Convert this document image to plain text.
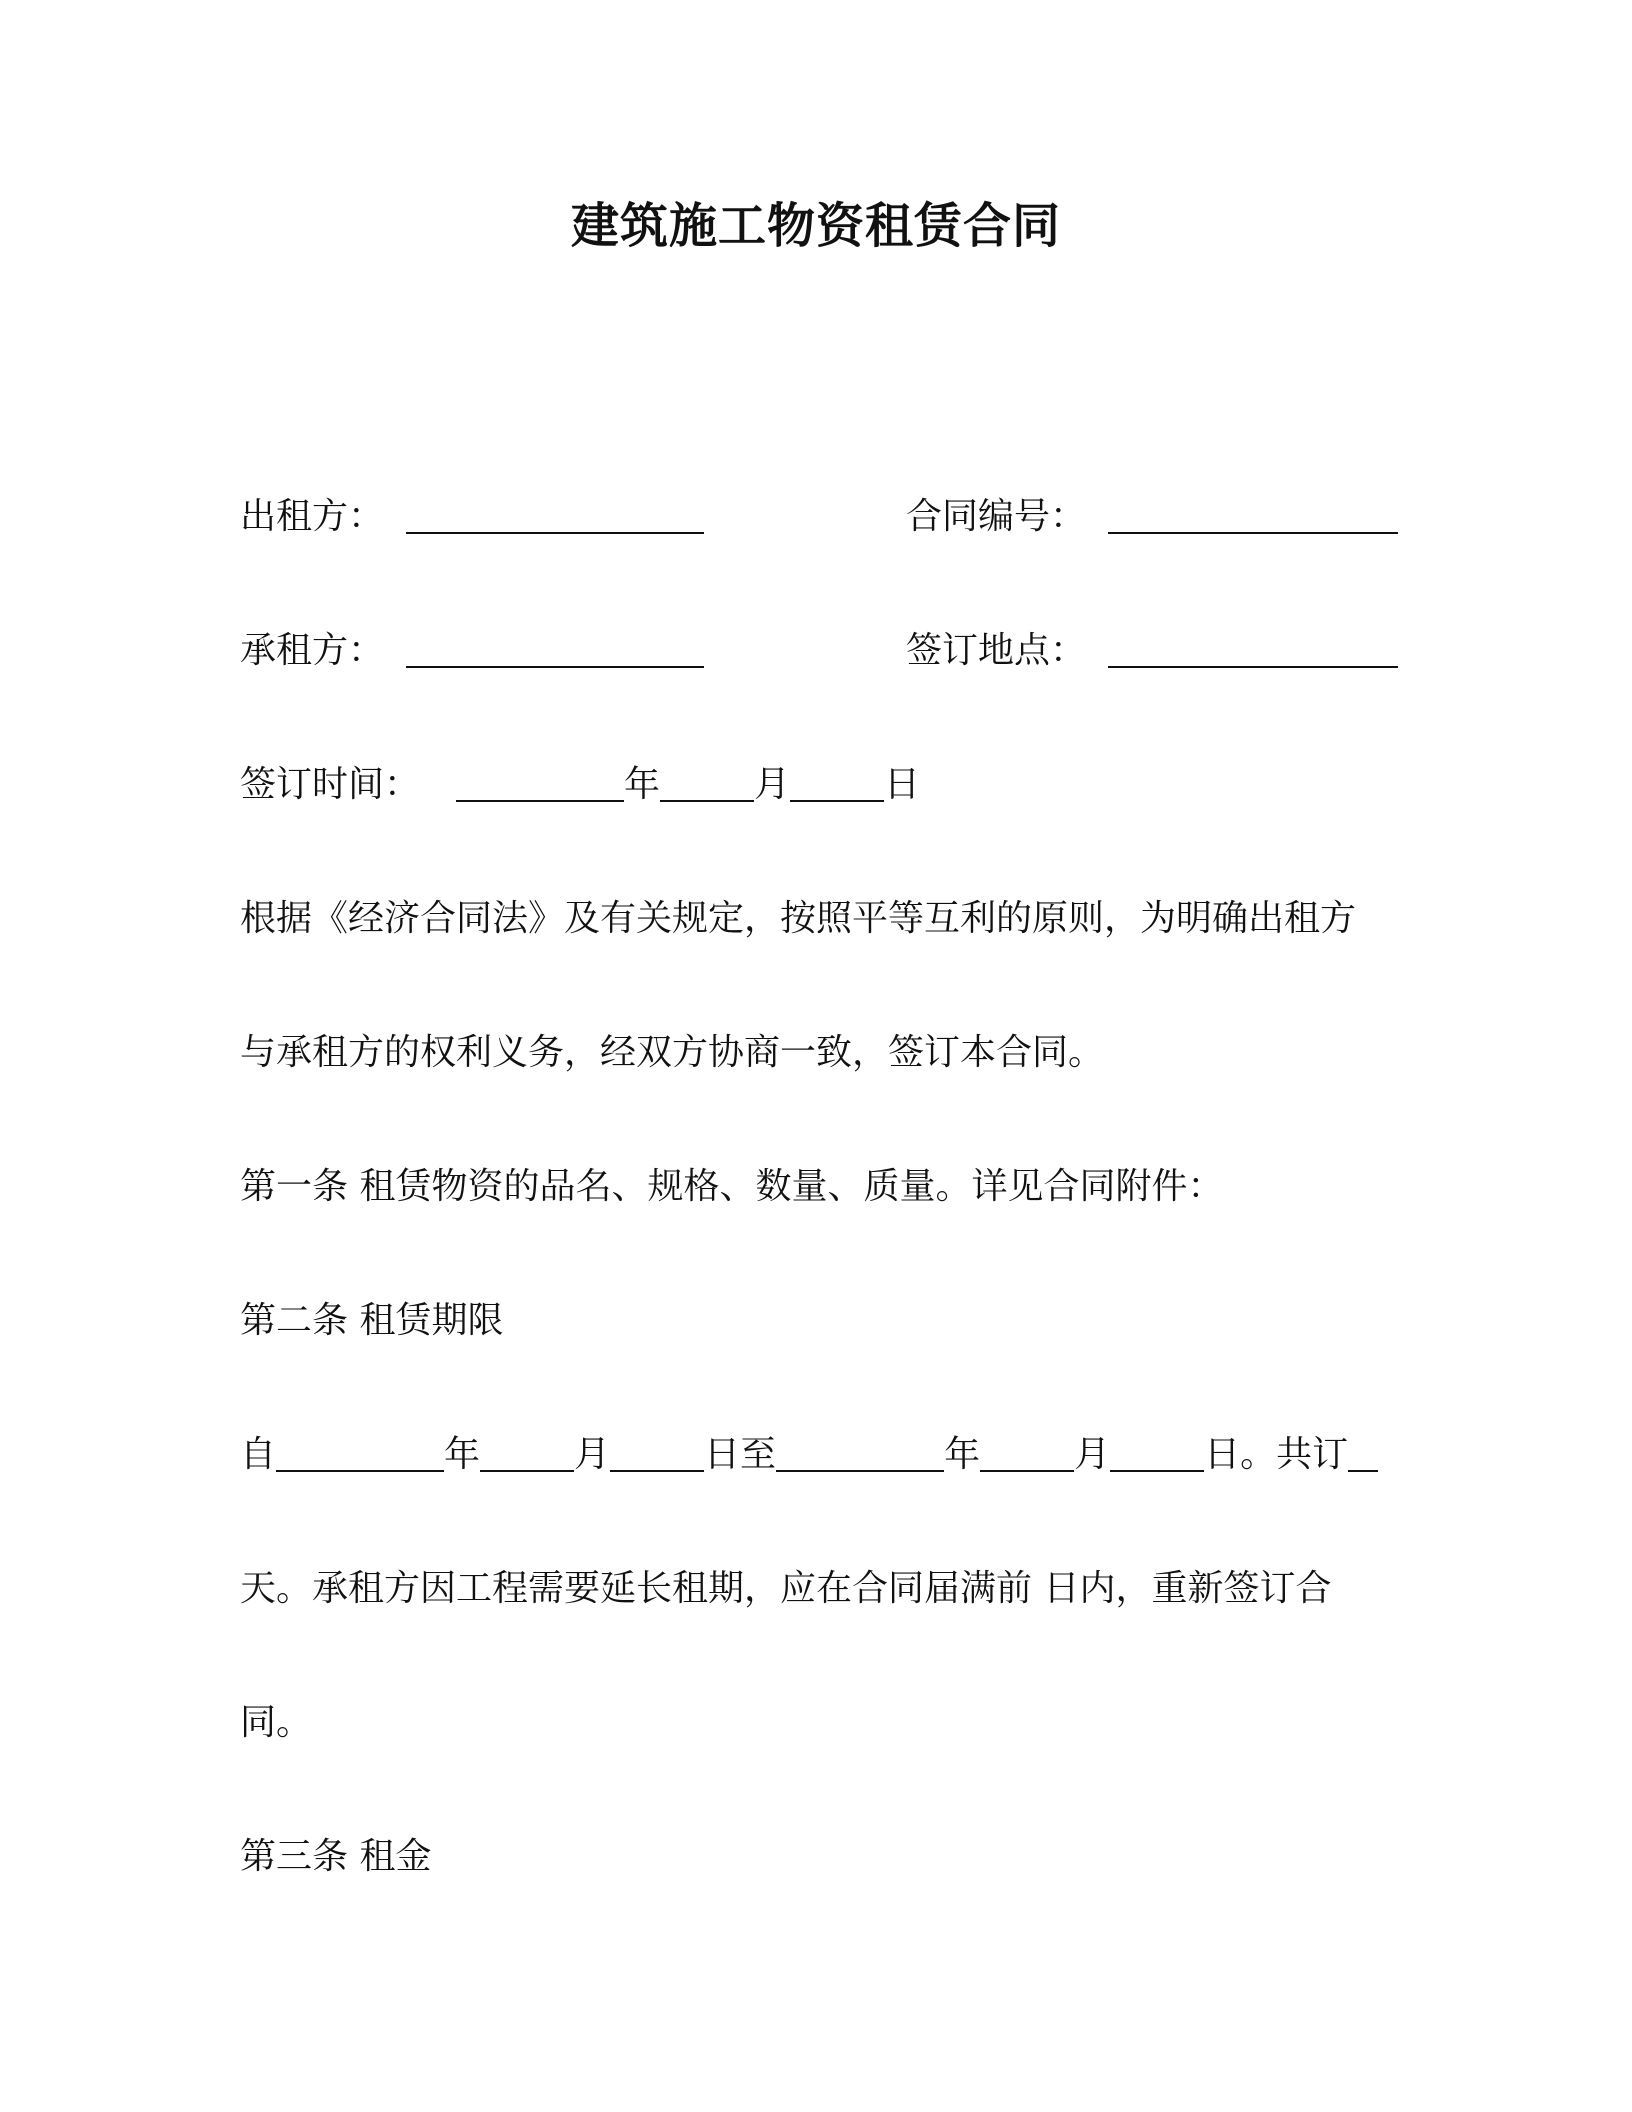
建筑施工物资租赁合同
出租方：	合同编号：
承租方：	签订地点：
签订时间：	年	月	日
根据《经济合同法》及有关规定，按照平等互利的原则，为明确出租方
与承租方的权利义务，经双方协商一致，签订本合同。
第一条 租赁物资的品名、规格、数量、质量。详见合同附件：
第二条 租赁期限
自	年	月	日至	年	月	日。共订
天。承租方因工程需要延长租期，应在合同届满前 日内，重新签订合
同。
第三条 租金
